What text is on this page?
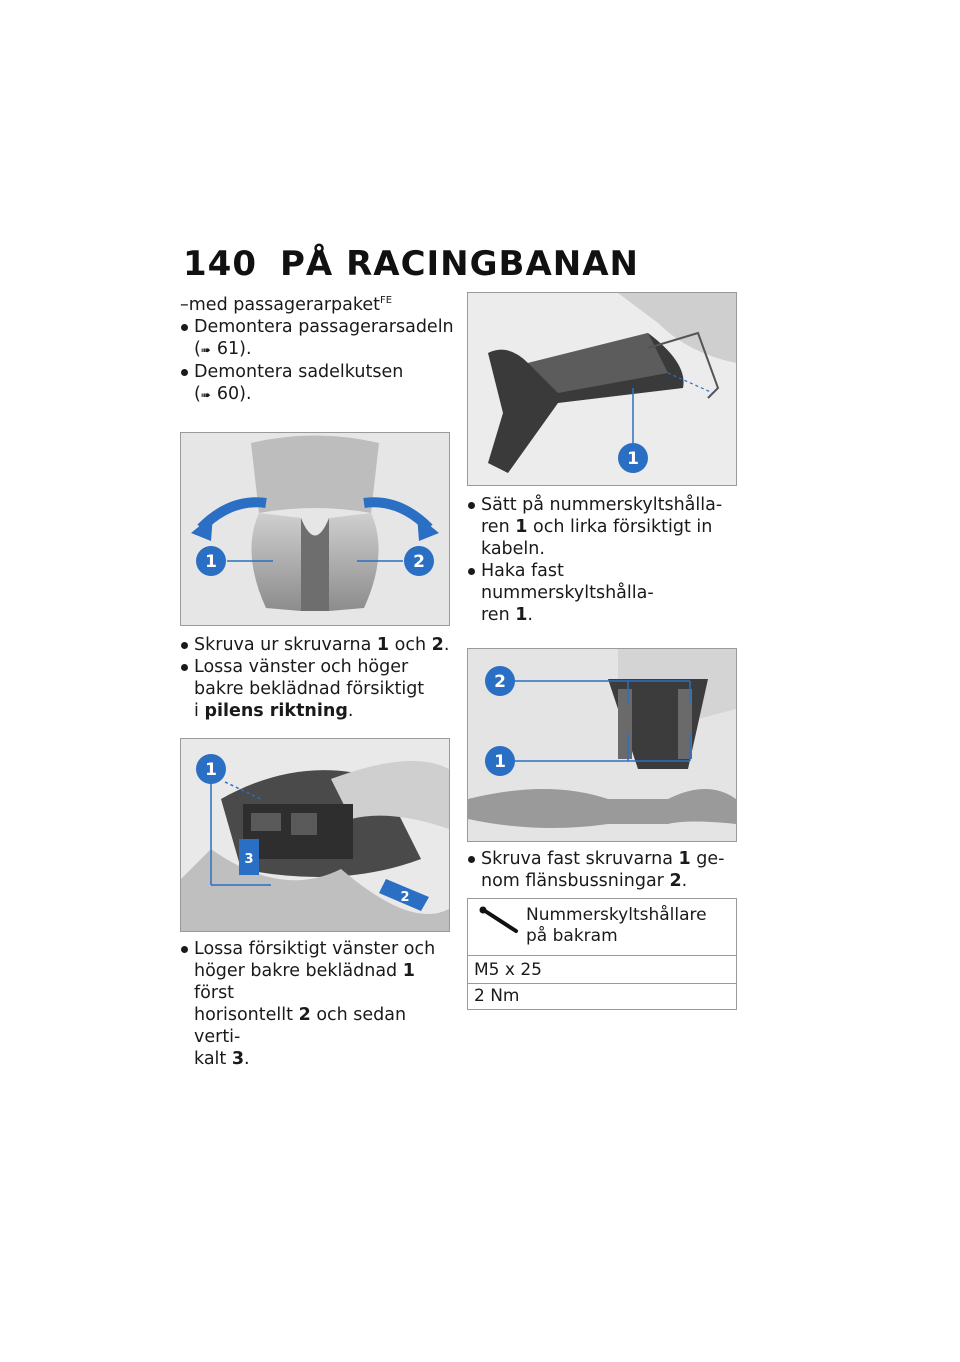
140 PÅ RACINGBANAN

–med passagerarpaket$^{FE}$

Demontera passagerarsadeln

(➠ 61).

Demontera sadelkutsen

(➠ 60).

1	2

Skruva ur skruvarna 1 och 2.

Lossa vänster och höger

bakre beklädnad försiktigt

i pilens riktning.

1
3
2

Lossa försiktigt vänster och

höger bakre beklädnad 1 först

horisontellt 2 och sedan verti-

kalt 3.

1

Sätt på nummerskyltshålla-

ren 1 och lirka försiktigt in

kabeln.

Haka fast nummerskyltshålla-

ren 1.

2
1

Skruva fast skruvarna 1 ge-

nom flänsbussningar 2.

Nummerskyltshållare på bakram
M5 x 25
2 Nm
